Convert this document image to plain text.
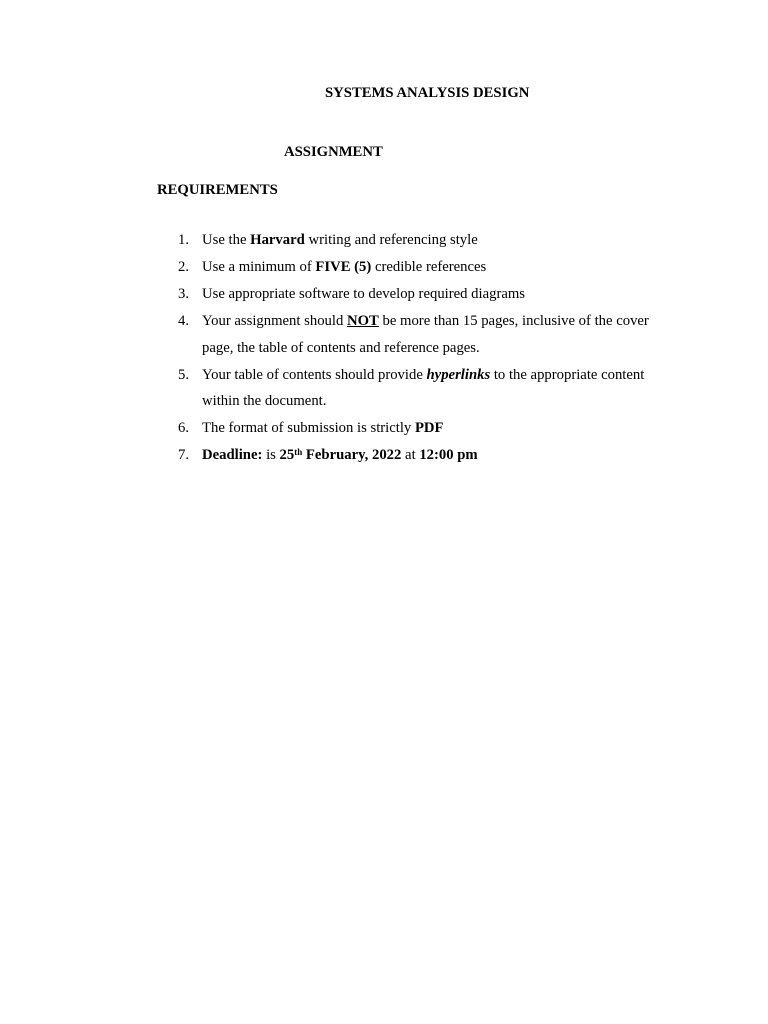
SYSTEMS ANALYSIS DESIGN
ASSIGNMENT
REQUIREMENTS
1. Use the Harvard writing and referencing style
2. Use a minimum of FIVE (5) credible references
3. Use appropriate software to develop required diagrams
4. Your assignment should NOT be more than 15 pages, inclusive of the cover page, the table of contents and reference pages.
5. Your table of contents should provide hyperlinks to the appropriate content within the document.
6. The format of submission is strictly PDF
7. Deadline: is 25th February, 2022 at 12:00 pm
